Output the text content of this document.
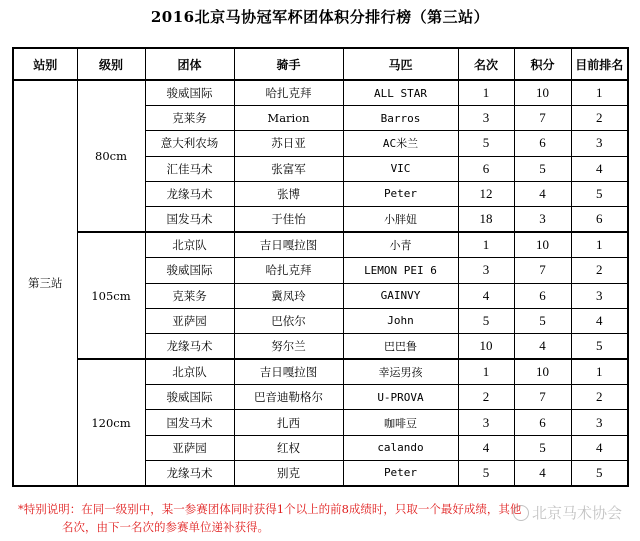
2016北京马协冠军杯团体积分排行榜（第三站）
站别	级别	团体	骑手	马匹	名次	积分	目前排名
第三站	80cm	骏威国际	哈扎克拜	ALL STAR	1	10	1
		克莱务	Marion	Barros	3	7	2
		意大利农场	苏日亚	AC米兰	5	6	3
		汇佳马术	张富军	VIC	6	5	4
		龙缘马术	张博	Peter	12	4	5
		国发马术	于佳怡	小胖妞	18	3	6
	105cm	北京队	吉日嘎拉图	小青	1	10	1
		骏威国际	哈扎克拜	LEMON PEI 6	3	7	2
		克莱务	冀凤玲	GAINVY	4	6	3
		亚萨园	巴依尔	John	5	5	4
		龙缘马术	努尔兰	巴巴鲁	10	4	5
	120cm	北京队	吉日嘎拉图	幸运男孩	1	10	1
		骏威国际	巴音迪勒格尔	U-PROVA	2	7	2
		国发马术	扎西	咖啡豆	3	6	3
		亚萨园	红权	calando	4	5	4
		龙缘马术	别克	Peter	5	4	5
*特别说明：在同一级别中，某一参赛团体同时获得1个以上的前8成绩时，只取一个最好成绩，其他
名次，由下一名次的参赛单位递补获得。
北京马术协会
